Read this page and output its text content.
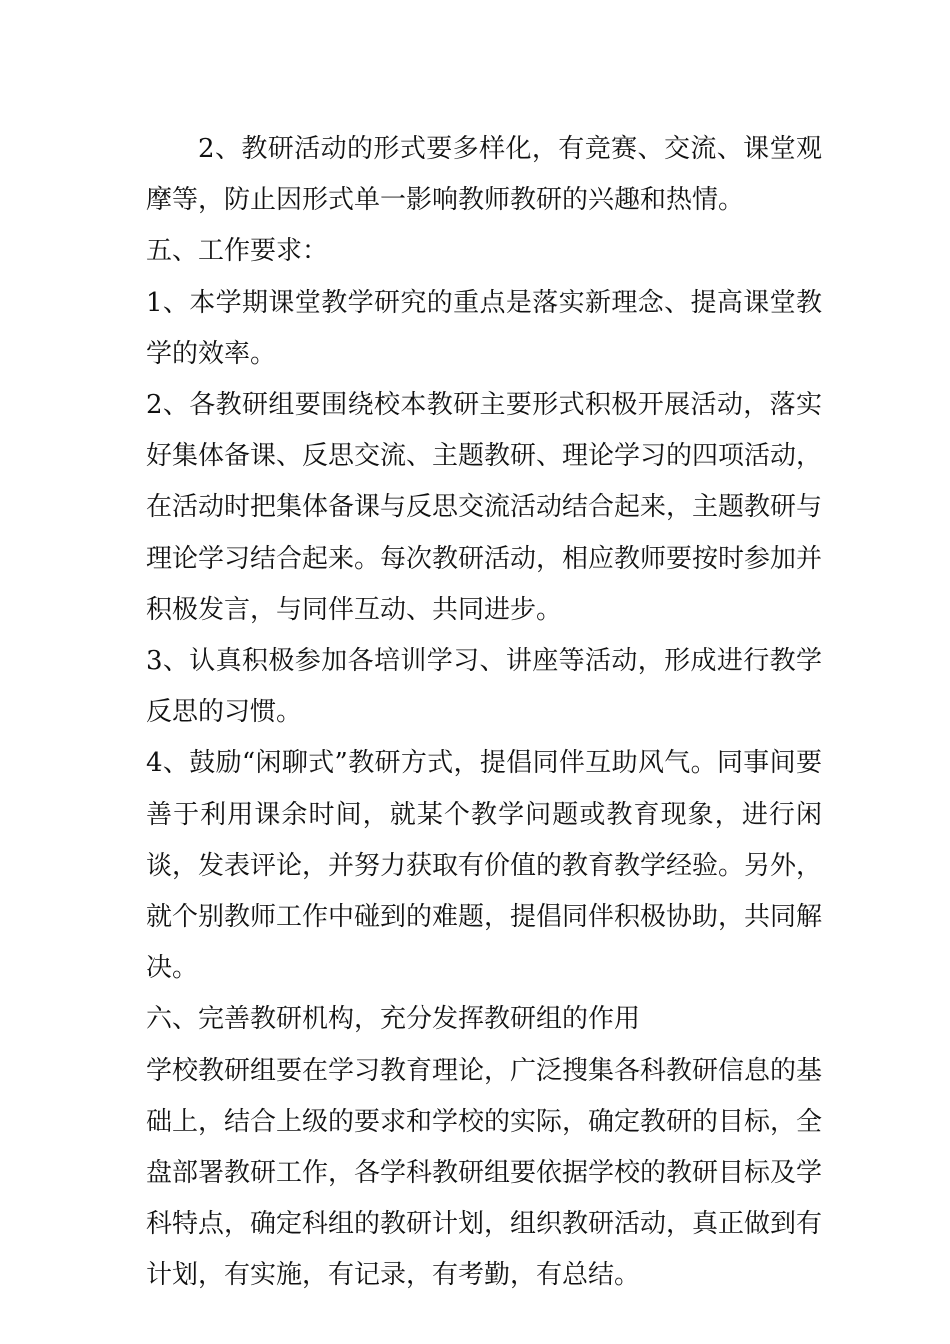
2、教研活动的形式要多样化，有竞赛、交流、课堂观摩等，防止因形式单一影响教师教研的兴趣和热情。

五、工作要求：

1、本学期课堂教学研究的重点是落实新理念、提高课堂教学的效率。

2、各教研组要围绕校本教研主要形式积极开展活动，落实好集体备课、反思交流、主题教研、理论学习的四项活动，在活动时把集体备课与反思交流活动结合起来，主题教研与理论学习结合起来。每次教研活动，相应教师要按时参加并积极发言，与同伴互动、共同进步。

3、认真积极参加各培训学习、讲座等活动，形成进行教学反思的习惯。

4、鼓励“闲聊式”教研方式，提倡同伴互助风气。同事间要善于利用课余时间，就某个教学问题或教育现象，进行闲谈，发表评论，并努力获取有价值的教育教学经验。另外，就个别教师工作中碰到的难题，提倡同伴积极协助，共同解决。

六、完善教研机构，充分发挥教研组的作用

学校教研组要在学习教育理论，广泛搜集各科教研信息的基础上，结合上级的要求和学校的实际，确定教研的目标，全盘部署教研工作，各学科教研组要依据学校的教研目标及学科特点，确定科组的教研计划，组织教研活动，真正做到有计划，有实施，有记录，有考勤，有总结。
